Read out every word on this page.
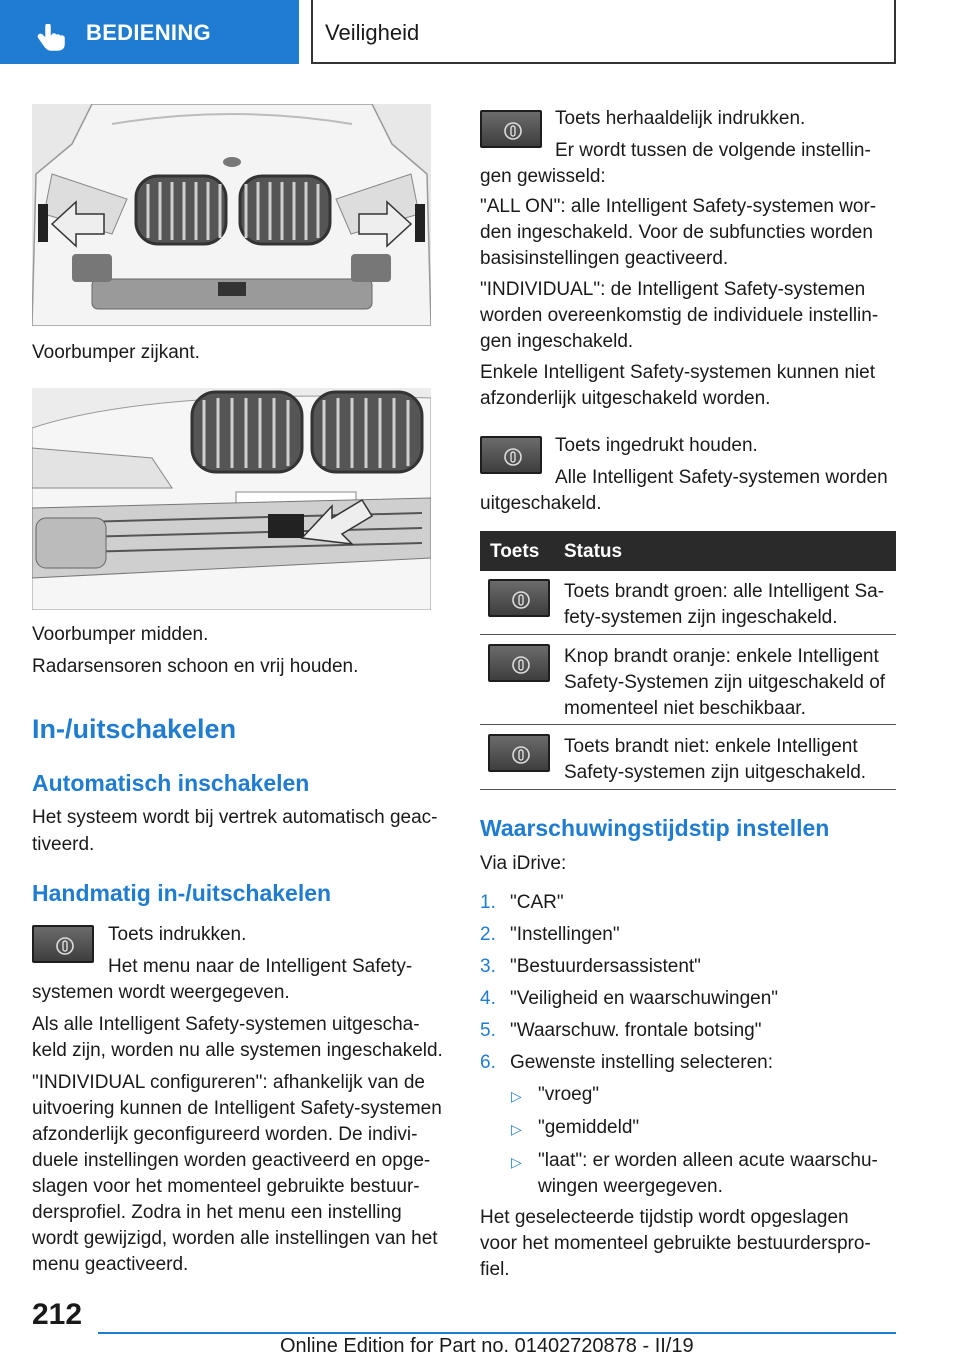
BEDIENING	Veiligheid
Voorbumper zijkant.
Voorbumper midden.
Radarsensoren schoon en vrij houden.
In-/uitschakelen
Automatisch inschakelen
Het systeem wordt bij vertrek automatisch geac-
tiveerd.
Handmatig in-/uitschakelen
Toets indrukken.
Het menu naar de Intelligent Safety-
systemen wordt weergegeven.
Als alle Intelligent Safety-systemen uitgescha-
keld zijn, worden nu alle systemen ingeschakeld.
"INDIVIDUAL configureren": afhankelijk van de
uitvoering kunnen de Intelligent Safety-systemen
afzonderlijk geconfigureerd worden. De indivi-
duele instellingen worden geactiveerd en opge-
slagen voor het momenteel gebruikte bestuur-
dersprofiel. Zodra in het menu een instelling
wordt gewijzigd, worden alle instellingen van het
menu geactiveerd.
Toets herhaaldelijk indrukken.
Er wordt tussen de volgende instellin-
gen gewisseld:
"ALL ON": alle Intelligent Safety-systemen wor-
den ingeschakeld. Voor de subfuncties worden
basisinstellingen geactiveerd.
"INDIVIDUAL": de Intelligent Safety-systemen
worden overeenkomstig de individuele instellin-
gen ingeschakeld.
Enkele Intelligent Safety-systemen kunnen niet
afzonderlijk uitgeschakeld worden.
Toets ingedrukt houden.
Alle Intelligent Safety-systemen worden
uitgeschakeld.
Toets Status
Toets brandt groen: alle Intelligent Sa-
fety-systemen zijn ingeschakeld.
Knop brandt oranje: enkele Intelligent
Safety-Systemen zijn uitgeschakeld of
momenteel niet beschikbaar.
Toets brandt niet: enkele Intelligent
Safety-systemen zijn uitgeschakeld.
Waarschuwingstijdstip instellen
Via iDrive:
1. "CAR"
2. "Instellingen"
3. "Bestuurdersassistent"
4. "Veiligheid en waarschuwingen"
5. "Waarschuw. frontale botsing"
6. Gewenste instelling selecteren:
▷ "vroeg"
▷ "gemiddeld"
▷ "laat": er worden alleen acute waarschu-
wingen weergegeven.
Het geselecteerde tijdstip wordt opgeslagen
voor het momenteel gebruikte bestuurderspro-
fiel.
212
Online Edition for Part no. 01402720878 - II/19
